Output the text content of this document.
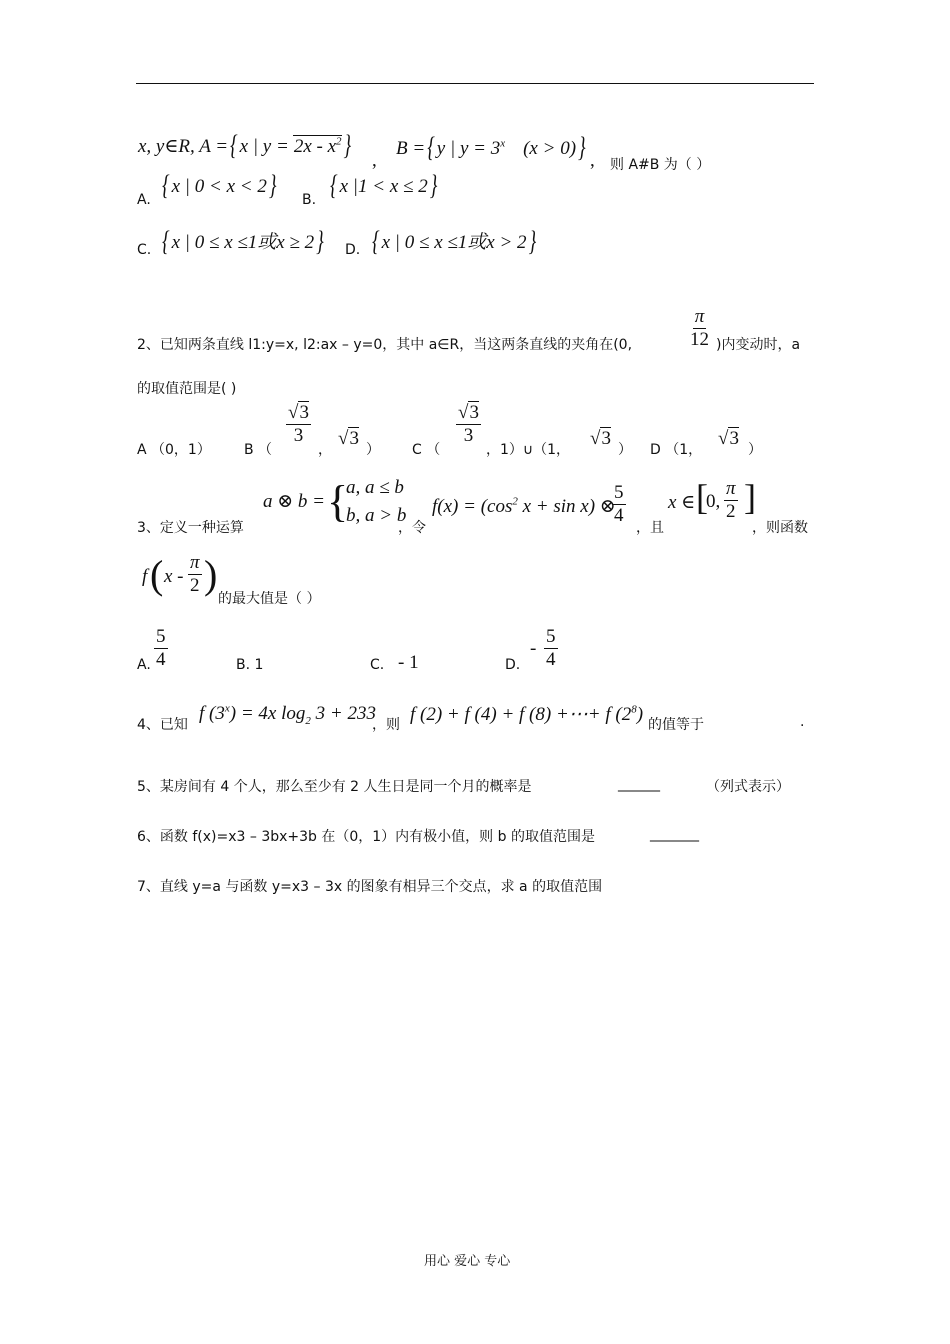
x, y∈R, A = { x | $y = 2x - x^2$ } ,
B = { y | $y = 3^x$ (x > 0) } , 则 A#B 为（ ）
A. { x | 0 < x < 2 } B. { x |1 < x ≤ 2 }
C. { x | 0 ≤ x ≤1或x ≥ 2 } D. { x | 0 ≤ x ≤1或x > 2 }
2、已知两条直线 l1:y=x, l2:ax – y=0，其中 a∈R，当这两条直线的夹角在(0,	$\frac{\pi}{12}$ )内变动时，a
的取值范围是( )
A （0，1） B （
$\frac{√3}{3}$
，
√3
） C （
$\frac{√3}{3}$
，1）∪（1，
√3
） D （1，
√3
）
a ⊗ b = {
a, a ≤ b
b, a > b
3、定义一种运算	，令
$f(x) = (\cos^2$ x + sin x) ⊗
$\frac{5}{4}$
，且
x ∈ [
0, $\frac{\pi}{2}$ ]
，则函数
f ( x - $\frac{\pi}{2}$ )
的最大值是（ ）
A. $\frac{5}{4}$	B. 1	C. - 1	D.
- $\frac{5}{4}$
4、已知
f $(3^x) = 4x$ $\log_2 3 + 233$
，则 f (2) + f (4) + f (8) +⋯+ f $(2^8)$ 的值等于	.
5、某房间有 4 个人，那么至少有 2 人生日是同一个月的概率是	______	（列式表示）
6、函数 f(x)=x3 – 3bx+3b 在（0，1）内有极小值，则 b 的取值范围是	_______
7、直线 y=a 与函数 y=x3 – 3x 的图象有相异三个交点，求 a 的取值范围
用心 爱心 专心
